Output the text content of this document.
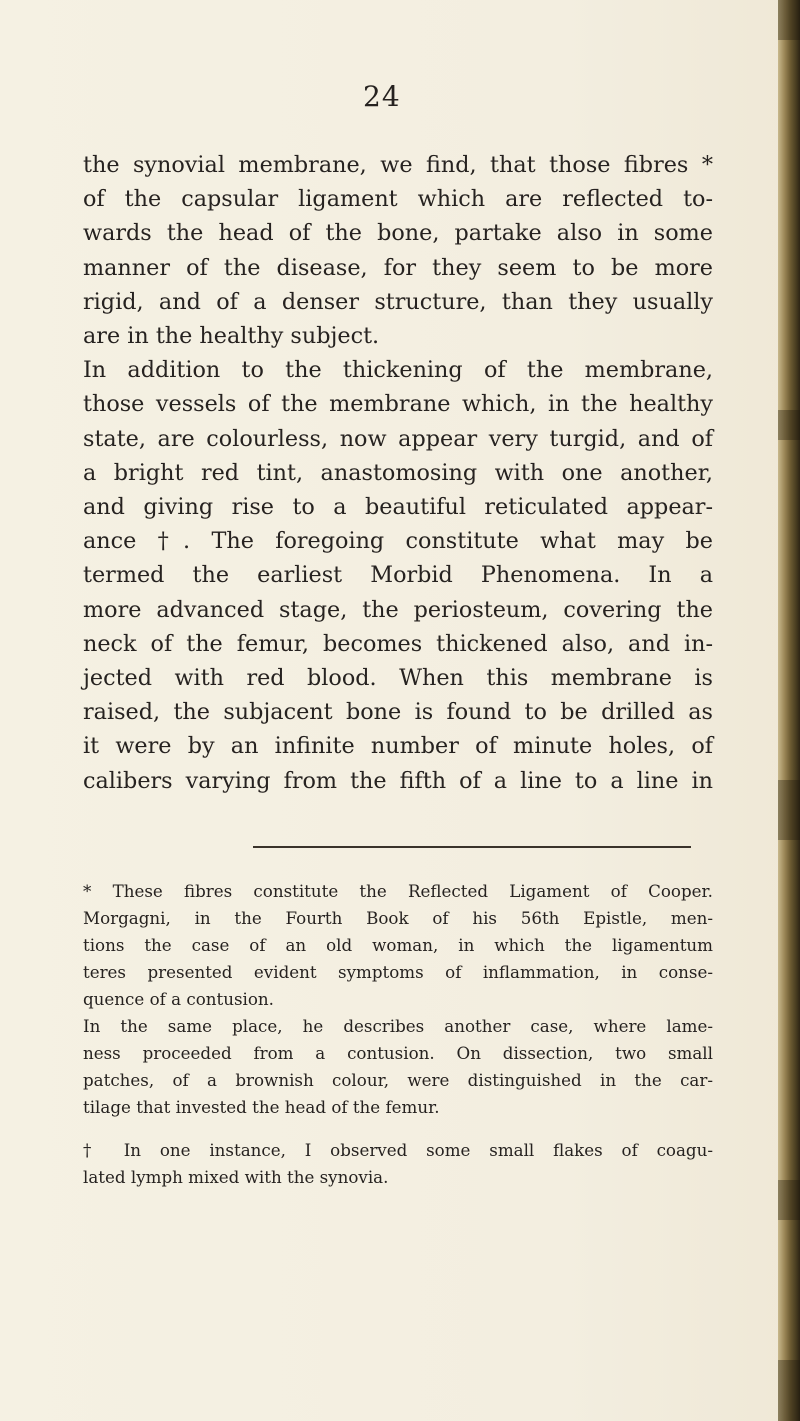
24
the synovial membrane, we find, that those fibres *
of the capsular ligament which are reflected to-
wards the head of the bone, partake also in some
manner of the disease, for they seem to be more
rigid, and of a denser structure, than they usually
are in the healthy subject.
In addition to the thickening of the membrane,
those vessels of the membrane which, in the healthy
state, are colourless, now appear very turgid, and of
a bright red tint, anastomosing with one another,
and giving rise to a beautiful reticulated appear-
ance †. The foregoing constitute what may be
termed the earliest Morbid Phenomena. In a
more advanced stage, the periosteum, covering the
neck of the femur, becomes thickened also, and in-
jected with red blood. When this membrane is
raised, the subjacent bone is found to be drilled as
it were by an infinite number of minute holes, of
calibers varying from the fifth of a line to a line in
* These fibres constitute the Reflected Ligament of Cooper.
Morgagni, in the Fourth Book of his 56th Epistle, men-
tions the case of an old woman, in which the ligamentum
teres presented evident symptoms of inflammation, in conse-
quence of a contusion.
In the same place, he describes another case, where lame-
ness proceeded from a contusion. On dissection, two small
patches, of a brownish colour, were distinguished in the car-
tilage that invested the head of the femur.
† In one instance, I observed some small flakes of coagu-
lated lymph mixed with the synovia.
